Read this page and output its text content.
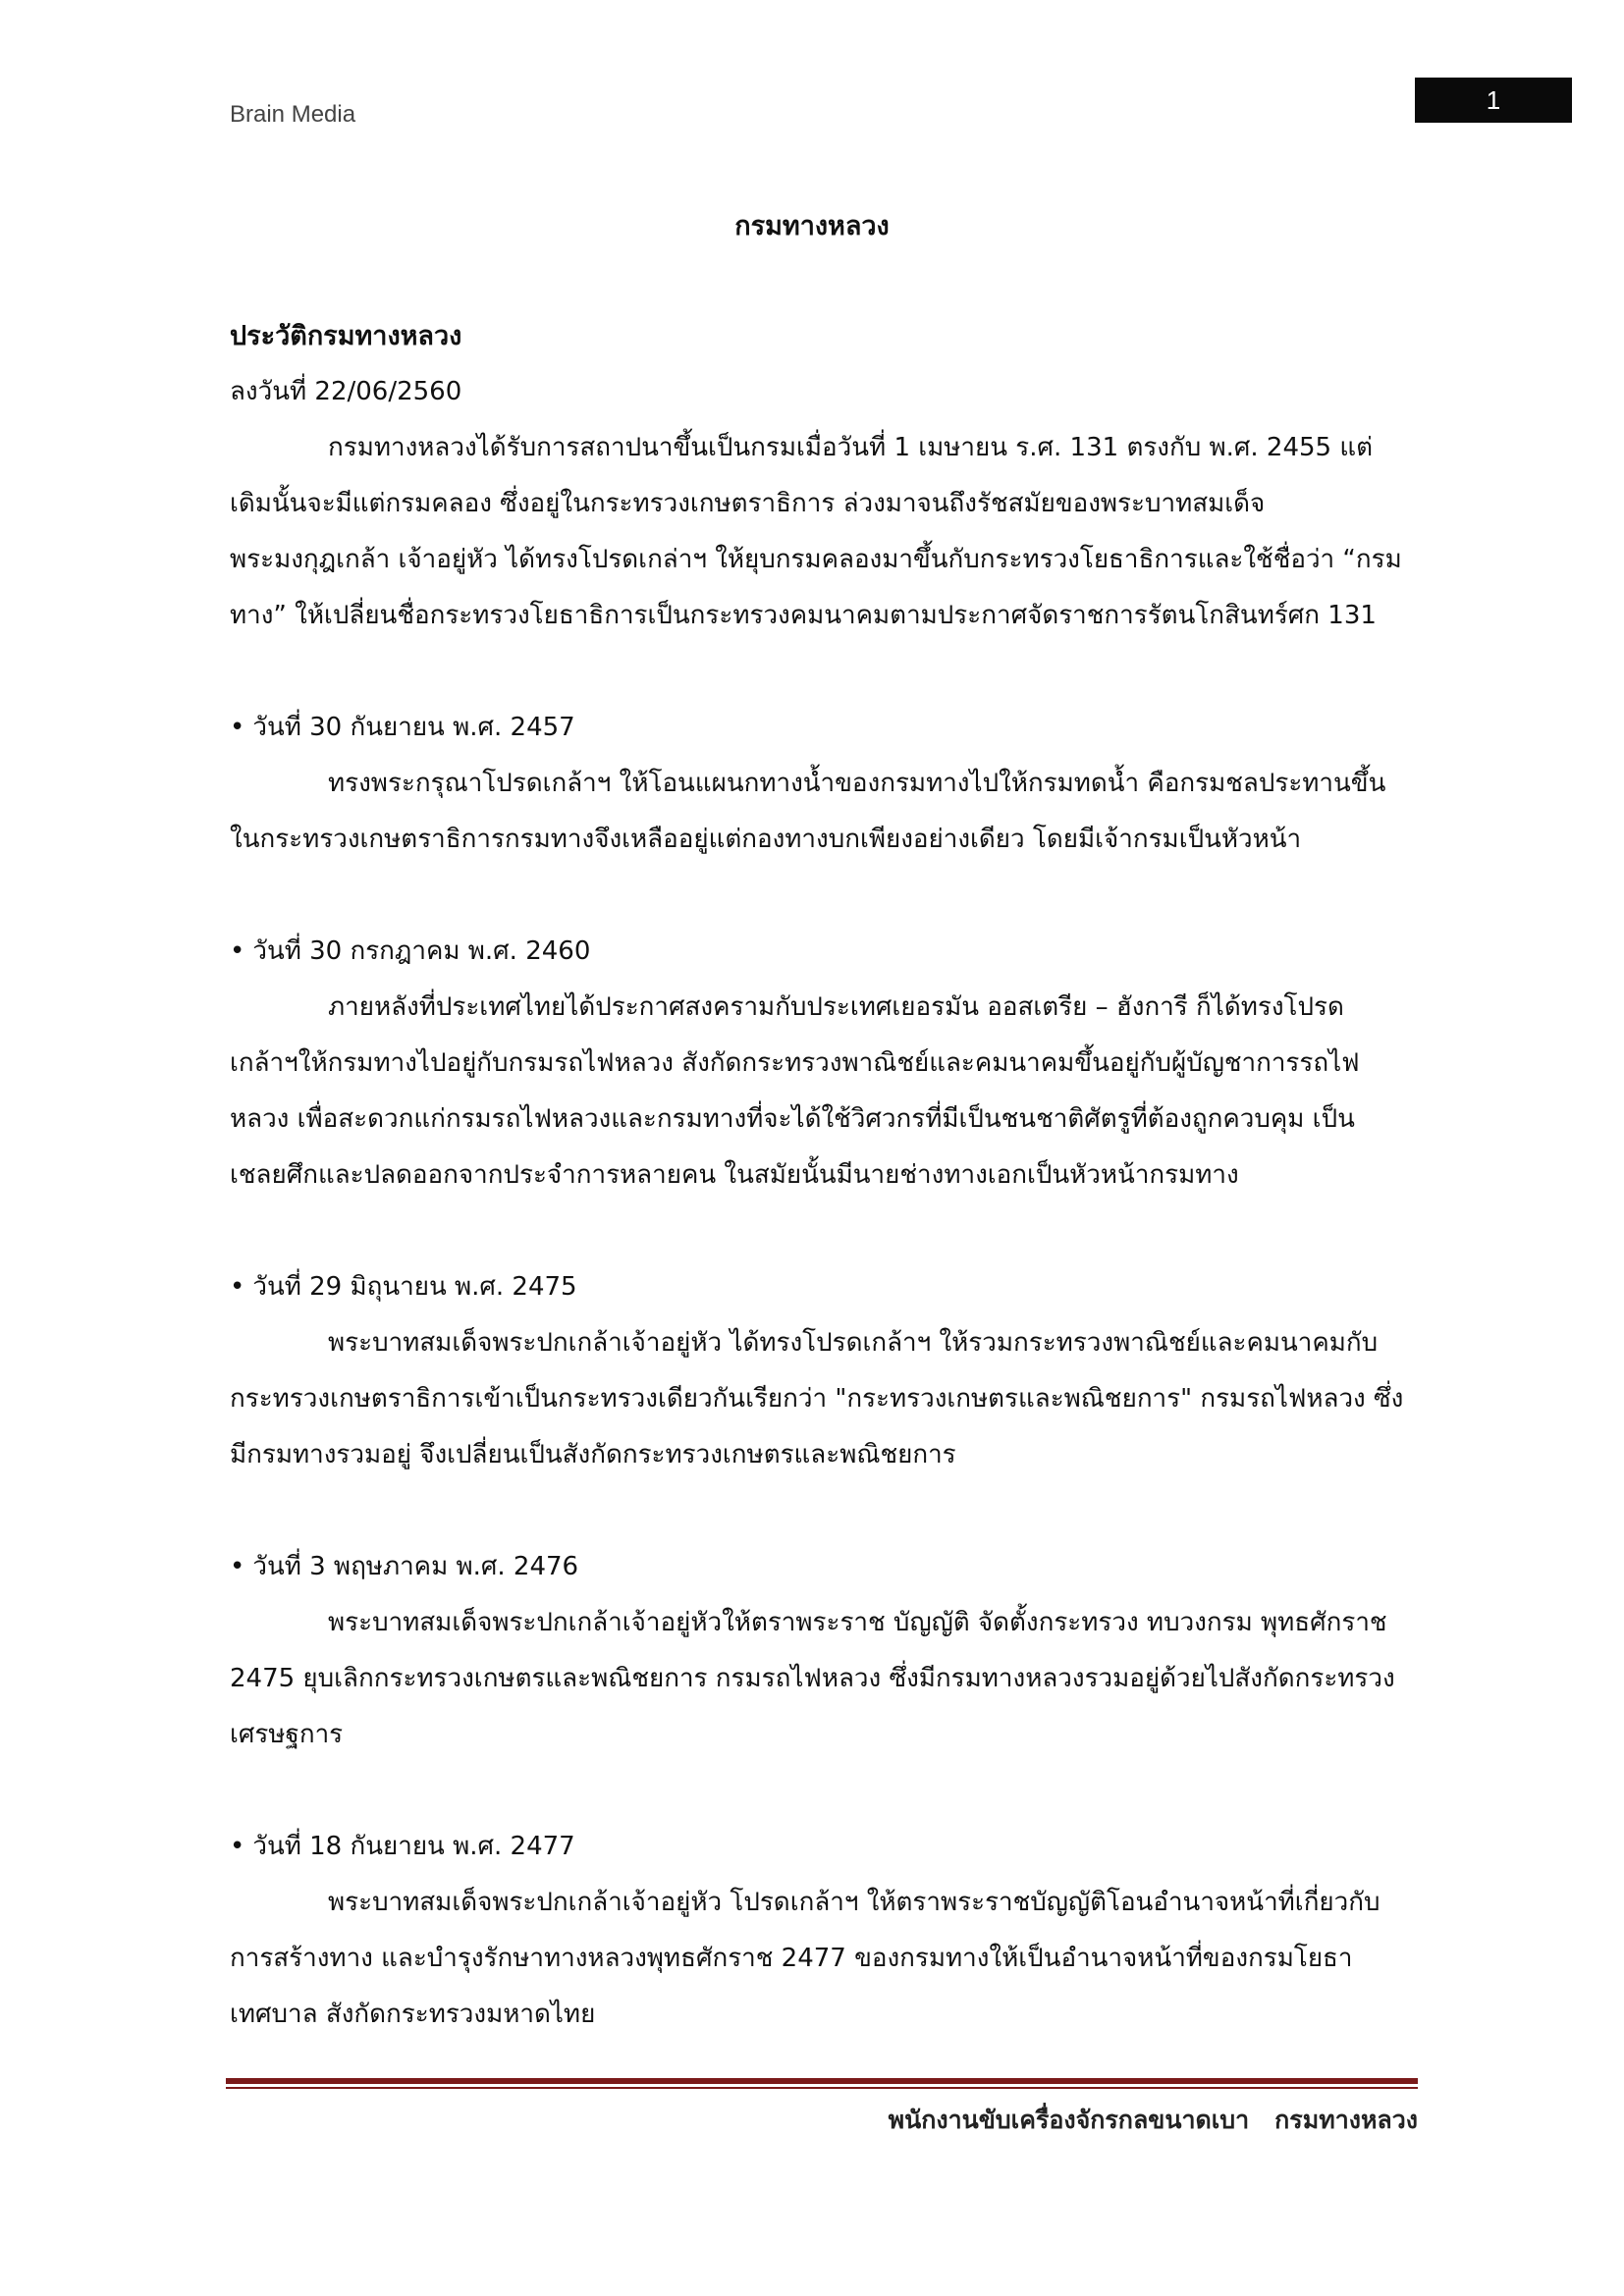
Brain Media	1
กรมทางหลวง
ประวัติกรมทางหลวง
ลงวันที่ 22/06/2560

กรมทางหลวงได้รับการสถาปนาขึ้นเป็นกรมเมื่อวันที่ 1 เมษายน ร.ศ. 131 ตรงกับ พ.ศ. 2455 แต่เดิมนั้นจะมีแต่กรมคลอง ซึ่งอยู่ในกระทรวงเกษตราธิการ ล่วงมาจนถึงรัชสมัยของพระบาทสมเด็จพระมงกุฎเกล้า เจ้าอยู่หัว ได้ทรงโปรดเกล่าฯ ให้ยุบกรมคลองมาขึ้นกับกระทรวงโยธาธิการและใช้ชื่อว่า “กรมทาง” ให้เปลี่ยนชื่อกระทรวงโยธาธิการเป็นกระทรวงคมนาคมตามประกาศจัดราชการรัตนโกสินทร์ศก 131

• วันที่ 30 กันยายน พ.ศ. 2457

ทรงพระกรุณาโปรดเกล้าฯ ให้โอนแผนกทางน้ำของกรมทางไปให้กรมทดน้ำ คือกรมชลประทานขึ้นในกระทรวงเกษตราธิการกรมทางจึงเหลืออยู่แต่กองทางบกเพียงอย่างเดียว โดยมีเจ้ากรมเป็นหัวหน้า

• วันที่ 30 กรกฎาคม พ.ศ. 2460

ภายหลังที่ประเทศไทยได้ประกาศสงครามกับประเทศเยอรมัน ออสเตรีย – ฮังการี ก็ได้ทรงโปรดเกล้าฯให้กรมทางไปอยู่กับกรมรถไฟหลวง สังกัดกระทรวงพาณิชย์และคมนาคมขึ้นอยู่กับผู้บัญชาการรถไฟหลวง เพื่อสะดวกแก่กรมรถไฟหลวงและกรมทางที่จะได้ใช้วิศวกรที่มีเป็นชนชาติศัตรูที่ต้องถูกควบคุม เป็นเชลยศึกและปลดออกจากประจำการหลายคน ในสมัยนั้นมีนายช่างทางเอกเป็นหัวหน้ากรมทาง

• วันที่ 29 มิถุนายน พ.ศ. 2475

พระบาทสมเด็จพระปกเกล้าเจ้าอยู่หัว ได้ทรงโปรดเกล้าฯ ให้รวมกระทรวงพาณิชย์และคมนาคมกับกระทรวงเกษตราธิการเข้าเป็นกระทรวงเดียวกันเรียกว่า "กระทรวงเกษตรและพณิชยการ" กรมรถไฟหลวง ซึ่งมีกรมทางรวมอยู่ จึงเปลี่ยนเป็นสังกัดกระทรวงเกษตรและพณิชยการ

• วันที่ 3 พฤษภาคม พ.ศ. 2476

พระบาทสมเด็จพระปกเกล้าเจ้าอยู่หัวให้ตราพระราช บัญญัติ จัดตั้งกระทรวง ทบวงกรม พุทธศักราช 2475 ยุบเลิกกระทรวงเกษตรและพณิชยการ กรมรถไฟหลวง ซึ่งมีกรมทางหลวงรวมอยู่ด้วยไปสังกัดกระทรวงเศรษฐการ

• วันที่ 18 กันยายน พ.ศ. 2477

พระบาทสมเด็จพระปกเกล้าเจ้าอยู่หัว โปรดเกล้าฯ ให้ตราพระราชบัญญัติโอนอำนาจหน้าที่เกี่ยวกับการสร้างทาง และบำรุงรักษาทางหลวงพุทธศักราช 2477 ของกรมทางให้เป็นอำนาจหน้าที่ของกรมโยธาเทศบาล สังกัดกระทรวงมหาดไทย

พนักงานขับเครื่องจักรกลขนาดเบา กรมทางหลวง
